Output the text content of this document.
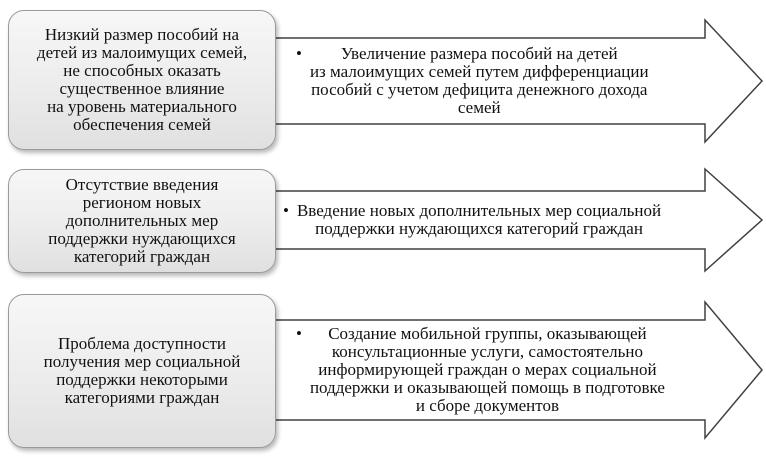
Низкий размер пособий на
детей из малоимущих семей,
не способных оказать
существенное влияние
на уровень материального
обеспечения семей
•	Увеличение размера пособий на детей
из малоимущих семей путем дифференциации
пособий с учетом дефицита денежного дохода
семей
Отсутствие введения
регионом новых
дополнительных мер
поддержки нуждающихся
категорий граждан
• Введение новых дополнительных мер социальной
поддержки нуждающихся категорий граждан
Проблема доступности
получения мер социальной
поддержки некоторыми
категориями граждан
•	Создание мобильной группы, оказывающей
консультационные услуги, самостоятельно
информирующей граждан о мерах социальной
поддержки и оказывающей помощь в подготовке
и сборе документов
